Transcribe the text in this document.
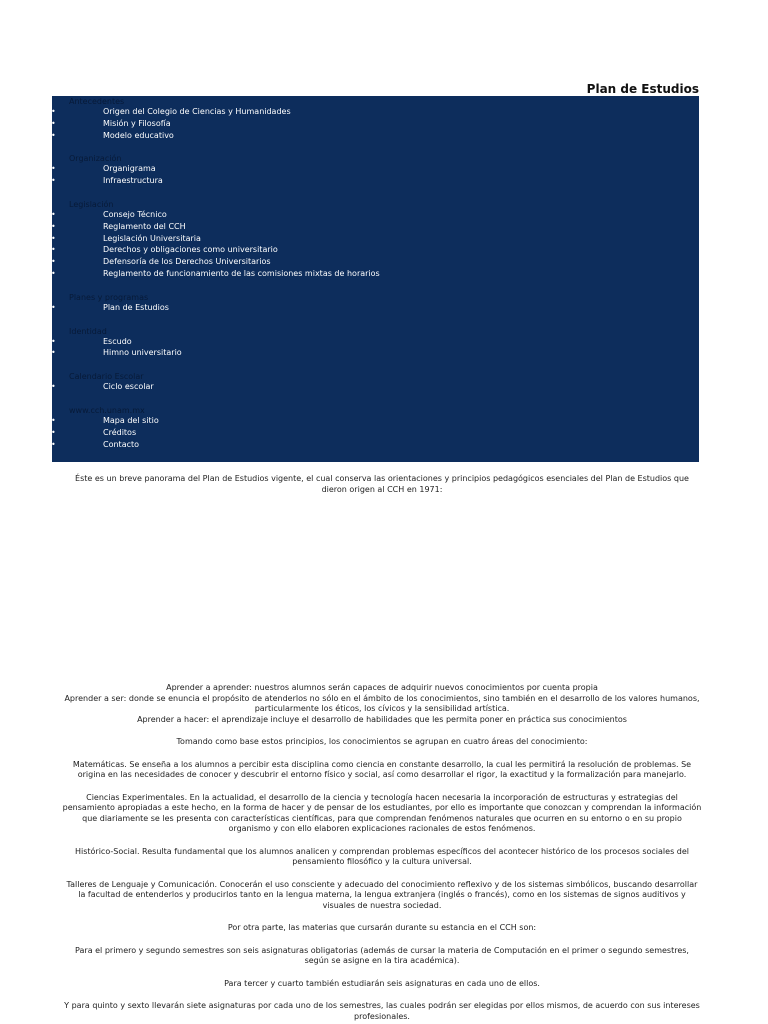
Plan de Estudios
Antecedentes
•	Origen del Colegio de Ciencias y Humanidades
•	Misión y Filosofía
•	Modelo educativo
Organización
•	Organigrama
•	Infraestructura
Legislación
•	Consejo Técnico
•	Reglamento del CCH
•	Legislación Universitaria
•	Derechos y obligaciones como universitario
•	Defensoría de los Derechos Universitarios
•	Reglamento de funcionamiento de las comisiones mixtas de horarios
Planes y programas
•	Plan de Estudios
Identidad
•	Escudo
•	Himno universitario
Calendario Escolar
•	Ciclo escolar
www.cch.unam.mx
•	Mapa del sitio
•	Créditos
•	Contacto

Éste es un breve panorama del Plan de Estudios vigente, el cual conserva las orientaciones y principios pedagógicos esenciales del Plan de Estudios que dieron origen al CCH en 1971:

Aprender a aprender: nuestros alumnos serán capaces de adquirir nuevos conocimientos por cuenta propia

Aprender a ser: donde se enuncia el propósito de atenderlos no sólo en el ámbito de los conocimientos, sino también en el desarrollo de los valores humanos, particularmente los éticos, los cívicos y la sensibilidad artística.

Aprender a hacer: el aprendizaje incluye el desarrollo de habilidades que les permita poner en práctica sus conocimientos

Tomando como base estos principios, los conocimientos se agrupan en cuatro áreas del conocimiento:

Matemáticas. Se enseña a los alumnos a percibir esta disciplina como ciencia en constante desarrollo, la cual les permitirá la resolución de problemas. Se origina en las necesidades de conocer y descubrir el entorno físico y social, así como desarrollar el rigor, la exactitud y la formalización para manejarlo.

Ciencias Experimentales. En la actualidad, el desarrollo de la ciencia y tecnología hacen necesaria la incorporación de estructuras y estrategias del pensamiento apropiadas a este hecho, en la forma de hacer y de pensar de los estudiantes, por ello es importante que conozcan y comprendan la información que diariamente se les presenta con características científicas, para que comprendan fenómenos naturales que ocurren en su entorno o en su propio organismo y con ello elaboren explicaciones racionales de estos fenómenos.

Histórico-Social. Resulta fundamental que los alumnos analicen y comprendan problemas específicos del acontecer histórico de los procesos sociales del pensamiento filosófico y la cultura universal.

Talleres de Lenguaje y Comunicación. Conocerán el uso consciente y adecuado del conocimiento reflexivo y de los sistemas simbólicos, buscando desarrollar la facultad de entenderlos y producirlos tanto en la lengua materna, la lengua extranjera (inglés o francés), como en los sistemas de signos auditivos y visuales de nuestra sociedad.

Por otra parte, las materias que cursarán durante su estancia en el CCH son:

Para el primero y segundo semestres son seis asignaturas obligatorias (además de cursar la materia de Computación en el primer o segundo semestres, según se asigne en la tira académica).

Para tercer y cuarto también estudiarán seis asignaturas en cada uno de ellos.

Y para quinto y sexto llevarán siete asignaturas por cada uno de los semestres, las cuales podrán ser elegidas por ellos mismos, de acuerdo con sus intereses profesionales.
